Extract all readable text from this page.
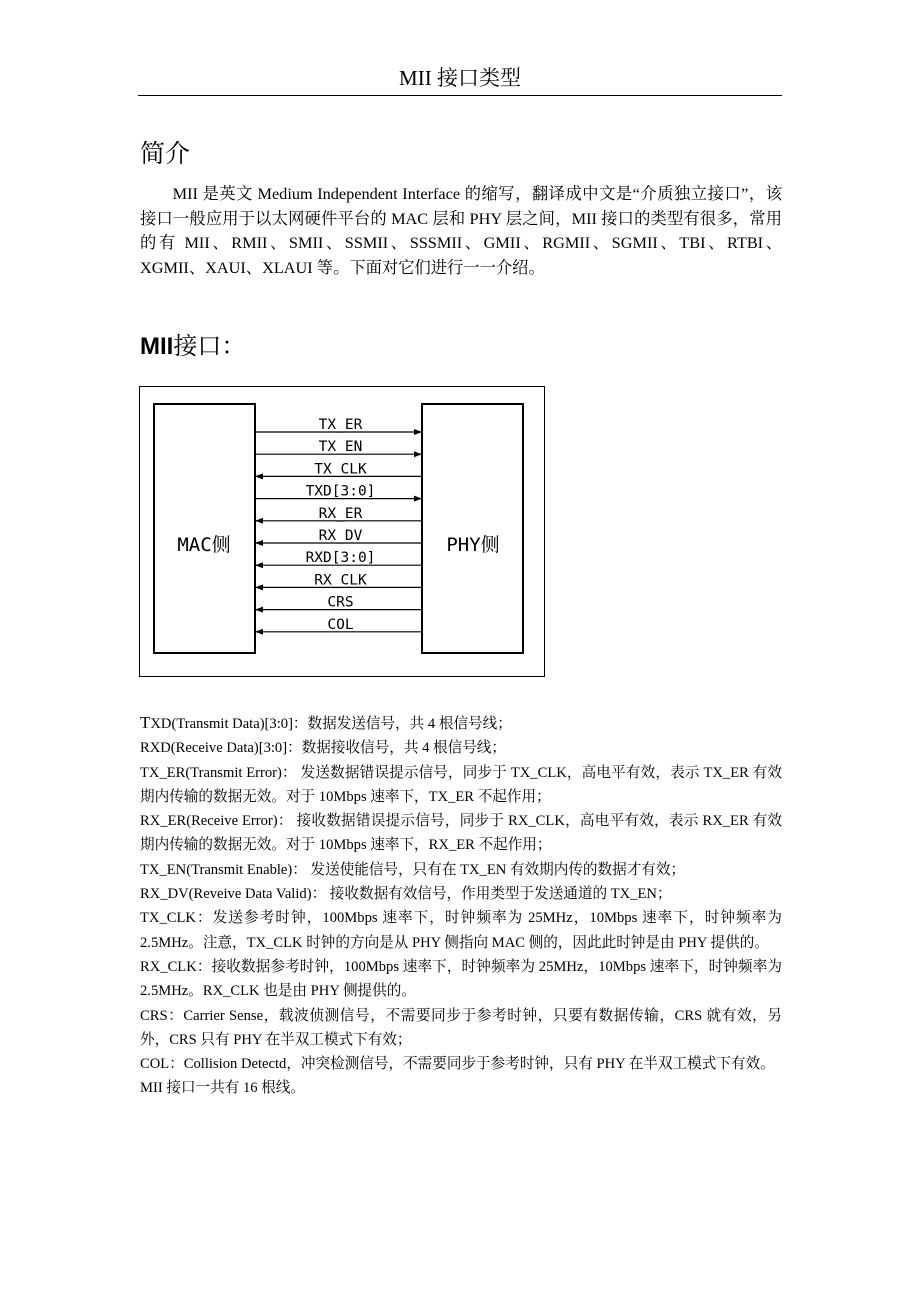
MII 接口类型
简介

MII 是英文 Medium Independent Interface 的缩写，翻译成中文是“介质独立接口”，该接口一般应用于以太网硬件平台的 MAC 层和 PHY 层之间，MII 接口的类型有很多，常用的有 MII、RMII、SMII、SSMII、SSSMII、GMII、RGMII、SGMII、TBI、RTBI、XGMII、XAUI、XLAUI 等。下面对它们进行一一介绍。

MII接口：
MAC侧	PHY侧
TX_ER
TX_EN
TX_CLK
TXD[3:0]
RX_ER
RX_DV
RXD[3:0]
RX_CLK
CRS
COL

TXD(Transmit Data)[3:0]：数据发送信号，共 4 根信号线；

RXD(Receive Data)[3:0]：数据接收信号，共 4 根信号线；

TX_ER(Transmit Error)： 发送数据错误提示信号，同步于 TX_CLK，高电平有效，表示 TX_ER 有效期内传输的数据无效。对于 10Mbps 速率下，TX_ER 不起作用；

RX_ER(Receive Error)： 接收数据错误提示信号，同步于 RX_CLK，高电平有效，表示 RX_ER 有效期内传输的数据无效。对于 10Mbps 速率下，RX_ER 不起作用；

TX_EN(Transmit Enable)： 发送使能信号，只有在 TX_EN 有效期内传的数据才有效；

RX_DV(Reveive Data Valid)： 接收数据有效信号，作用类型于发送通道的 TX_EN；

TX_CLK：发送参考时钟，100Mbps 速率下，时钟频率为 25MHz，10Mbps 速率下，时钟频率为 2.5MHz。注意，TX_CLK 时钟的方向是从 PHY 侧指向 MAC 侧的，因此此时钟是由 PHY 提供的。

RX_CLK：接收数据参考时钟，100Mbps 速率下，时钟频率为 25MHz，10Mbps 速率下，时钟频率为 2.5MHz。RX_CLK 也是由 PHY 侧提供的。

CRS：Carrier Sense，载波侦测信号，不需要同步于参考时钟，只要有数据传输，CRS 就有效，另外，CRS 只有 PHY 在半双工模式下有效；

COL：Collision Detectd，冲突检测信号，不需要同步于参考时钟，只有 PHY 在半双工模式下有效。

MII 接口一共有 16 根线。
